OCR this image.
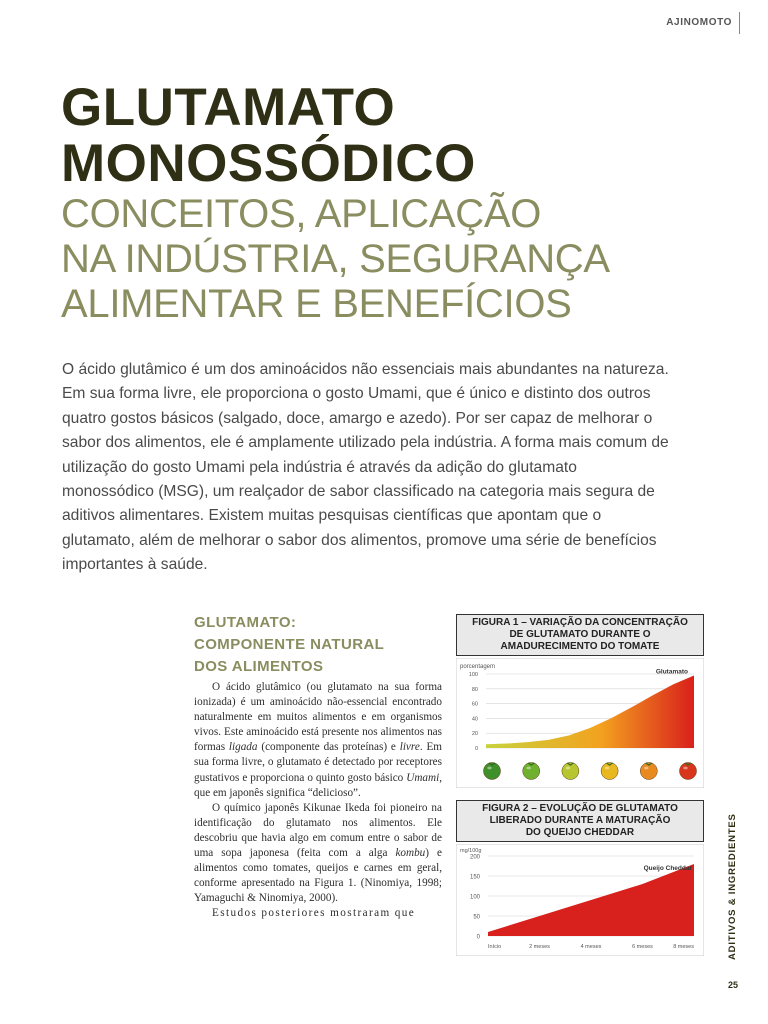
AJINOMOTO
GLUTAMATO
MONOSSÓDICO
CONCEITOS, APLICAÇÃO
NA INDÚSTRIA, SEGURANÇA
ALIMENTAR E BENEFÍCIOS

O ácido glutâmico é um dos aminoácidos não essenciais mais abundantes na natureza. Em sua forma livre, ele proporciona o gosto Umami, que é único e distinto dos outros quatro gostos básicos (salgado, doce, amargo e azedo). Por ser capaz de melhorar o sabor dos alimentos, ele é amplamente utilizado pela indústria. A forma mais comum de utilização do gosto Umami pela indústria é através da adição do glutamato monossódico (MSG), um realçador de sabor classificado na categoria mais segura de aditivos alimentares. Existem muitas pesquisas científicas que apontam que o glutamato, além de melhorar o sabor dos alimentos, promove uma série de benefícios importantes à saúde.

GLUTAMATO:
COMPONENTE NATURAL
DOS ALIMENTOS

O ácido glutâmico (ou glutamato na sua forma ionizada) é um aminoácido não-essencial encontrado naturalmente em muitos alimentos e em organismos vivos. Este aminoácido está presente nos alimentos nas formas ligada (componente das proteínas) e livre. Em sua forma livre, o glutamato é detectado por receptores gustativos e proporciona o quinto gosto básico Umami, que em japonês significa “delicioso”.

O químico japonês Kikunae Ikeda foi pioneiro na identificação do glutamato nos alimentos. Ele descobriu que havia algo em comum entre o sabor de uma sopa japonesa (feita com a alga kombu) e alimentos como tomates, queijos e carnes em geral, conforme apresentado na Figura 1. (Ninomiya, 1998; Yamaguchi & Ninomiya, 2000).

Estudos posteriores mostraram que

FIGURA 1 – VARIAÇÃO DA CONCENTRAÇÃO
DE GLUTAMATO DURANTE O
AMADURECIMENTO DO TOMATE
porcentagem
0
20
40
60
80
100	Glutamato
FIGURA 2 – EVOLUÇÃO DE GLUTAMATO
LIBERADO DURANTE A MATURAÇÃO
DO QUEIJO CHEDDAR
mg/100g
0
50
100
150
200
Início	2 meses	4 meses	6 meses	8 meses
Queijo Cheddar	ADITIVOS & INGREDIENTES
25
